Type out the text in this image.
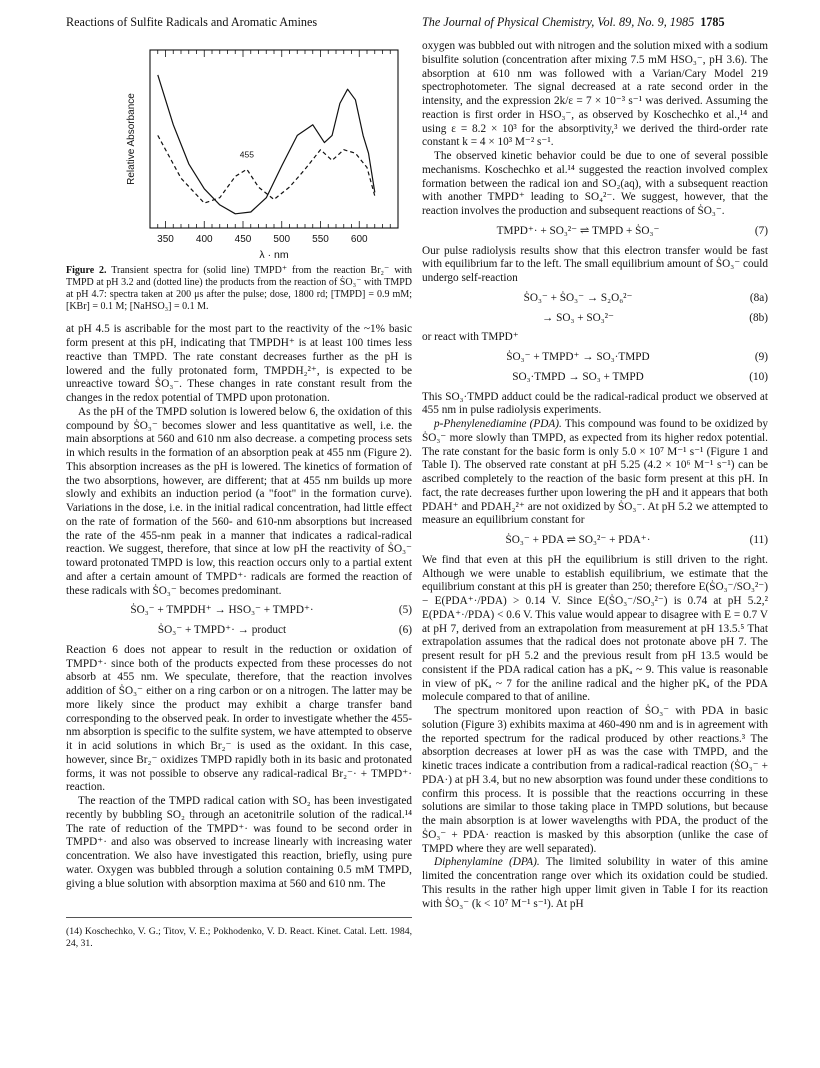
Reactions of Sulfite Radicals and Aromatic Amines	The Journal of Physical Chemistry, Vol. 89, No. 9, 1985 1785
350 400 450 500 550 600
λ · nm
Relative Absorbance	455
Figure 2. Transient spectra for (solid line) TMPD⁺ from the reaction Br₂⁻ with TMPD at pH 3.2 and (dotted line) the products from the reaction of ṠO₃⁻ with TMPD at pH 4.7: spectra taken at 200 μs after the pulse; dose, 1800 rd; [TMPD] = 0.9 mM; [KBr] = 0.1 M; [NaHSO₃] = 0.1 M.

at pH 4.5 is ascribable for the most part to the reactivity of the ~1% basic form present at this pH, indicating that TMPDH⁺ is at least 100 times less reactive than TMPD. The rate constant decreases further as the pH is lowered and the fully protonated form, TMPDH₂²⁺, is expected to be unreactive toward ṠO₃⁻. These changes in rate constant result from the changes in the redox potential of TMPD upon protonation.

As the pH of the TMPD solution is lowered below 6, the oxidation of this compound by ṠO₃⁻ becomes slower and less quantitative as well, i.e. the main absorptions at 560 and 610 nm also decrease. a competing process sets in which results in the formation of an absorption peak at 455 nm (Figure 2). This absorption increases as the pH is lowered. The kinetics of formation of the two absorptions, however, are different; that at 455 nm builds up more slowly and exhibits an induction period (a "foot" in the formation curve). Variations in the dose, i.e. in the initial radical concentration, had little effect on the rate of formation of the 560- and 610-nm absorptions but increased the rate of the 455-nm peak in a manner that indicates a radical-radical reaction. We suggest, therefore, that since at low pH the reactivity of ṠO₃⁻ toward protonated TMPD is low, this reaction occurs only to a partial extent and after a certain amount of TMPD⁺· radicals are formed the reaction of these radicals with ṠO₃⁻ becomes predominant.

ṠO₃⁻ + TMPDH⁺ → HSO₃⁻ + TMPD⁺·	(5)
ṠO₃⁻ + TMPD⁺· → product	(6)

Reaction 6 does not appear to result in the reduction or oxidation of TMPD⁺· since both of the products expected from these processes do not absorb at 455 nm. We speculate, therefore, that the reaction involves addition of ṠO₃⁻ either on a ring carbon or on a nitrogen. The latter may be more likely since the product may exhibit a charge transfer band corresponding to the observed peak. In order to investigate whether the 455-nm absorption is specific to the sulfite system, we have attempted to observe it in acid solutions in which Br₂⁻ is used as the oxidant. In this case, however, since Br₂⁻ oxidizes TMPD rapidly both in its basic and protonated forms, it was not possible to observe any radical-radical Br₂⁻· + TMPD⁺· reaction.

The reaction of the TMPD radical cation with SO₂ has been investigated recently by bubbling SO₂ through an acetonitrile solution of the radical.¹⁴ The rate of reduction of the TMPD⁺· was found to be second order in TMPD⁺· and also was observed to increase linearly with increasing water concentration. We also have investigated this reaction, briefly, using pure water. Oxygen was bubbled through a solution containing 0.5 mM TMPD, giving a blue solution with absorption maxima at 560 and 610 nm. The

(14) Koschechko, V. G.; Titov, V. E.; Pokhodenko, V. D. React. Kinet. Catal. Lett. 1984, 24, 31.

oxygen was bubbled out with nitrogen and the solution mixed with a sodium bisulfite solution (concentration after mixing 7.5 mM HSO₃⁻, pH 3.6). The absorption at 610 nm was followed with a Varian/Cary Model 219 spectrophotometer. The signal decreased at a rate second order in the intensity, and the expression 2k/ε = 7 × 10⁻³ s⁻¹ was derived. Assuming the reaction is first order in HSO₃⁻, as observed by Koschechko et al.,¹⁴ and using ε = 8.2 × 10³ for the absorptivity,³ we derived the third-order rate constant k = 4 × 10³ M⁻² s⁻¹.

The observed kinetic behavior could be due to one of several possible mechanisms. Koschechko et al.¹⁴ suggested the reaction involved complex formation between the radical ion and SO₂(aq), with a subsequent reaction with another TMPD⁺ leading to SO₄²⁻. We suggest, however, that the reaction involves the production and subsequent reactions of ṠO₃⁻.

TMPD⁺· + SO₃²⁻ ⇌ TMPD + ṠO₃⁻	(7)

Our pulse radiolysis results show that this electron transfer would be fast with equilibrium far to the left. The small equilibrium amount of ṠO₃⁻ could undergo self-reaction

ṠO₃⁻ + ṠO₃⁻ → S₂O₆²⁻	(8a)
→ SO₃ + SO₃²⁻	(8b)

or react with TMPD⁺

ṠO₃⁻ + TMPD⁺ → SO₃·TMPD	(9)
SO₃·TMPD → SO₃ + TMPD	(10)

This SO₃·TMPD adduct could be the radical-radical product we observed at 455 nm in pulse radiolysis experiments.

p-Phenylenediamine (PDA). This compound was found to be oxidized by ṠO₃⁻ more slowly than TMPD, as expected from its higher redox potential. The rate constant for the basic form is only 5.0 × 10⁷ M⁻¹ s⁻¹ (Figure 1 and Table I). The observed rate constant at pH 5.25 (4.2 × 10⁶ M⁻¹ s⁻¹) can be ascribed completely to the reaction of the basic form present at this pH. In fact, the rate decreases further upon lowering the pH and it appears that both PDAH⁺ and PDAH₂²⁺ are not oxidized by ṠO₃⁻. At pH 5.2 we attempted to measure an equilibrium constant for

ṠO₃⁻ + PDA ⇌ SO₃²⁻ + PDA⁺·	(11)

We find that even at this pH the equilibrium is still driven to the right. Although we were unable to establish equilibrium, we estimate that the equilibrium constant at this pH is greater than 250; therefore E(ṠO₃⁻/SO₃²⁻) − E(PDA⁺·/PDA) > 0.14 V. Since E(ṠO₃⁻/SO₃²⁻) is 0.74 at pH 5.2,² E(PDA⁺·/PDA) < 0.6 V. This value would appear to disagree with E = 0.7 V at pH 7, derived from an extrapolation from measurement at pH 13.5.⁵ That extrapolation assumes that the radical does not protonate above pH 7. The present result for pH 5.2 and the previous result from pH 13.5 would be consistent if the PDA radical cation has a pKₐ ~ 9. This value is reasonable in view of pKₐ ~ 7 for the aniline radical and the higher pKₐ of the PDA molecule compared to that of aniline.

The spectrum monitored upon reaction of ṠO₃⁻ with PDA in basic solution (Figure 3) exhibits maxima at 460-490 nm and is in agreement with the reported spectrum for the radical produced by other reactions.³ The absorption decreases at lower pH as was the case with TMPD, and the kinetic traces indicate a contribution from a radical-radical reaction (ṠO₃⁻ + PDA·) at pH 3.4, but no new absorption was found under these conditions to confirm this process. It is possible that the reactions occurring in these solutions are similar to those taking place in TMPD solutions, but because the main absorption is at lower wavelengths with PDA, the product of the ṠO₃⁻ + PDA· reaction is masked by this absorption (unlike the case of TMPD where they are well separated).

Diphenylamine (DPA). The limited solubility in water of this amine limited the concentration range over which its oxidation could be studied. This results in the rather high upper limit given in Table I for its reaction with ṠO₃⁻ (k < 10⁷ M⁻¹ s⁻¹). At pH
